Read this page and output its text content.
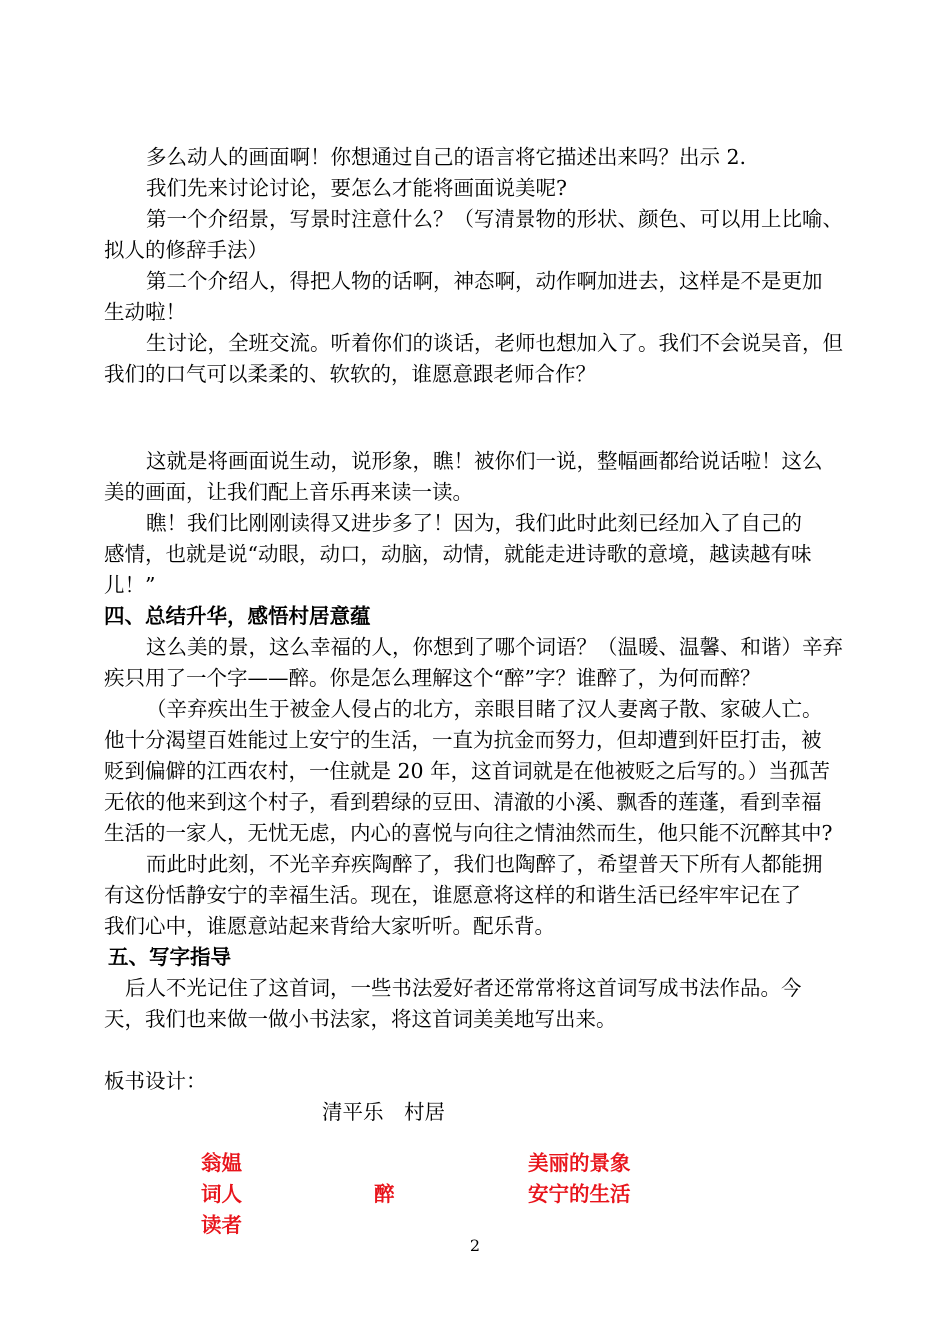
多么动人的画面啊！你想通过自己的语言将它描述出来吗？出示 2.
我们先来讨论讨论，要怎么才能将画面说美呢?
第一个介绍景，写景时注意什么？（写清景物的形状、颜色、可以用上比喻、
拟人的修辞手法）
第二个介绍人，得把人物的话啊，神态啊，动作啊加进去，这样是不是更加
生动啦！
生讨论，全班交流。听着你们的谈话，老师也想加入了。我们不会说吴音，但
我们的口气可以柔柔的、软软的，谁愿意跟老师合作？
这就是将画面说生动，说形象，瞧！被你们一说，整幅画都给说话啦！这么
美的画面，让我们配上音乐再来读一读。
瞧！我们比刚刚读得又进步多了！因为，我们此时此刻已经加入了自己的
感情，也就是说“动眼，动口，动脑，动情，就能走进诗歌的意境，越读越有味
儿！”
四、总结升华，感悟村居意蕴
这么美的景，这么幸福的人，你想到了哪个词语？（温暖、温馨、和谐）辛弃
疾只用了一个字——醉。你是怎么理解这个“醉”字？谁醉了，为何而醉？
（辛弃疾出生于被金人侵占的北方，亲眼目睹了汉人妻离子散、家破人亡。
他十分渴望百姓能过上安宁的生活，一直为抗金而努力，但却遭到奸臣打击，被
贬到偏僻的江西农村，一住就是 20 年，这首词就是在他被贬之后写的。）当孤苦
无依的他来到这个村子，看到碧绿的豆田、清澈的小溪、飘香的莲蓬，看到幸福
生活的一家人，无忧无虑，内心的喜悦与向往之情油然而生，他只能不沉醉其中?
而此时此刻，不光辛弃疾陶醉了，我们也陶醉了，希望普天下所有人都能拥
有这份恬静安宁的幸福生活。现在，谁愿意将这样的和谐生活已经牢牢记在了
我们心中，谁愿意站起来背给大家听听。配乐背。
五、写字指导
后人不光记住了这首词，一些书法爱好者还常常将这首词写成书法作品。今
天，我们也来做一做小书法家，将这首词美美地写出来。
板书设计：
清平乐　村居
翁媪
词人
读者
醉
美丽的景象
安宁的生活
2
